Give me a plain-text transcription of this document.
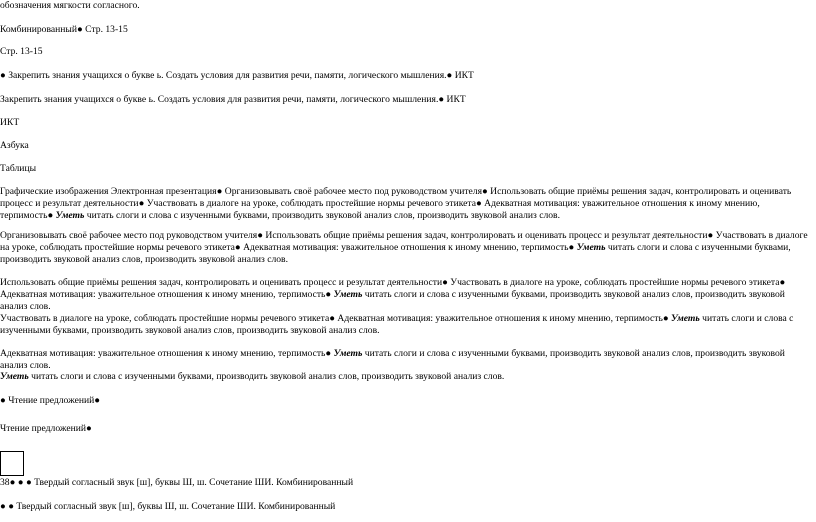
обозначения мягкости согласного.
Комбинированный● Стр. 13-15
Стр. 13-15
● Закрепить знания учащихся о букве ь. Создать условия для развития речи, памяти, логического мышления.● ИКТ
Закрепить знания учащихся о букве ь. Создать условия для развития речи, памяти, логического мышления.● ИКТ
ИКТ
Азбука
Таблицы
Графические изображения Электронная презентация● Организовывать своё рабочее место под руководством учителя● Использовать общие приёмы решения задач, контролировать и оценивать процесс и результат деятельности● Участвовать в диалоге на уроке, соблюдать простейшие нормы речевого этикета● Адекватная мотивация: уважительное отношения к иному мнению, терпимость● Уметь читать слоги и слова с изученными буквами, производить звуковой анализ слов, производить звуковой анализ слов.
Организовывать своё рабочее место под руководством учителя● Использовать общие приёмы решения задач, контролировать и оценивать процесс и результат деятельности● Участвовать в диалоге на уроке, соблюдать простейшие нормы речевого этикета● Адекватная мотивация: уважительное отношения к иному мнению, терпимость● Уметь читать слоги и слова с изученными буквами, производить звуковой анализ слов, производить звуковой анализ слов.
Использовать общие приёмы решения задач, контролировать и оценивать процесс и результат деятельности● Участвовать в диалоге на уроке, соблюдать простейшие нормы речевого этикета● Адекватная мотивация: уважительное отношения к иному мнению, терпимость● Уметь читать слоги и слова с изученными буквами, производить звуковой анализ слов, производить звуковой анализ слов.
Участвовать в диалоге на уроке, соблюдать простейшие нормы речевого этикета● Адекватная мотивация: уважительное отношения к иному мнению, терпимость● Уметь читать слоги и слова с изученными буквами, производить звуковой анализ слов, производить звуковой анализ слов.
Адекватная мотивация: уважительное отношения к иному мнению, терпимость● Уметь читать слоги и слова с изученными буквами, производить звуковой анализ слов, производить звуковой анализ слов.
Уметь читать слоги и слова с изученными буквами, производить звуковой анализ слов, производить звуковой анализ слов.
● Чтение предложений●
Чтение предложений●
38● ● ● Твердый согласный звук [ш], буквы Ш, ш. Сочетание ШИ. Комбинированный
● ● Твердый согласный звук [ш], буквы Ш, ш. Сочетание ШИ. Комбинированный
